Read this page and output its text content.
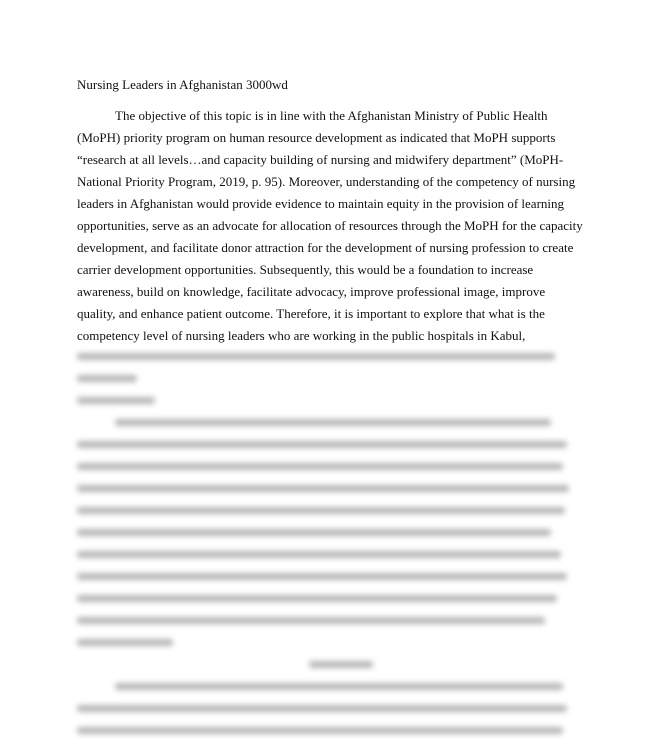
Nursing Leaders in Afghanistan 3000wd
The objective of this topic is in line with the Afghanistan Ministry of Public Health
(MoPH) priority program on human resource development as indicated that MoPH supports
“research at all levels…and capacity building of nursing and midwifery department” (MoPH-
National Priority Program, 2019, p. 95). Moreover, understanding of the competency of nursing
leaders in Afghanistan would provide evidence to maintain equity in the provision of learning
opportunities, serve as an advocate for allocation of resources through the MoPH for the capacity
development, and facilitate donor attraction for the development of nursing profession to create
carrier development opportunities. Subsequently, this would be a foundation to increase
awareness, build on knowledge, facilitate advocacy, improve professional image, improve
quality, and enhance patient outcome. Therefore, it is important to explore that what is the
competency level of nursing leaders who are working in the public hospitals in Kabul,
